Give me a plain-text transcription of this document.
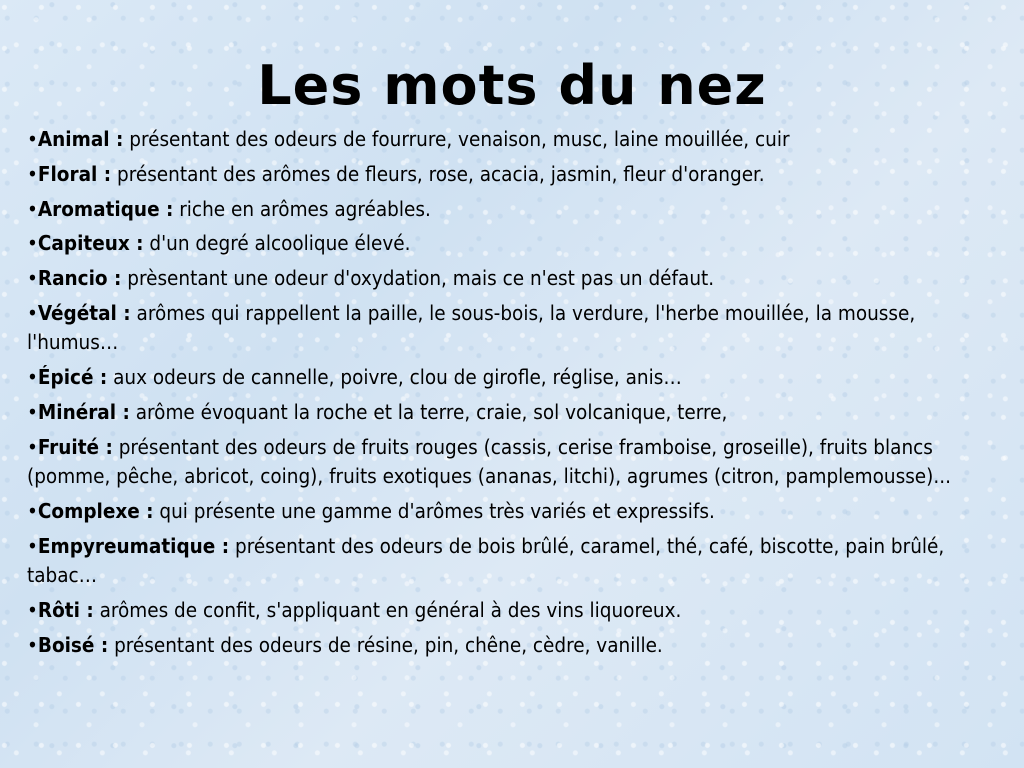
Les mots du nez
•Animal : présentant des odeurs de fourrure, venaison, musc, laine mouillée, cuir
•Floral : présentant des arômes de fleurs, rose, acacia, jasmin, fleur d'oranger.
•Aromatique : riche en arômes agréables.
•Capiteux : d'un degré alcoolique élevé.
•Rancio : prèsentant une odeur d'oxydation, mais ce n'est pas un défaut.
•Végétal : arômes qui rappellent la paille, le sous-bois, la verdure, l'herbe mouillée, la mousse, l'humus…
•Épicé : aux odeurs de cannelle, poivre, clou de girofle, réglise, anis…
•Minéral : arôme évoquant la roche et la terre, craie, sol volcanique, terre,
•Fruité : présentant des odeurs de fruits rouges (cassis, cerise framboise, groseille), fruits blancs (pomme, pêche, abricot, coing), fruits exotiques (ananas, litchi), agrumes (citron, pamplemousse)...
•Complexe : qui présente une gamme d'arômes très variés et expressifs.
•Empyreumatique : présentant des odeurs de bois brûlé, caramel, thé, café, biscotte, pain brûlé, tabac…
•Rôti : arômes de confit, s'appliquant en général à des vins liquoreux.
•Boisé : présentant des odeurs de résine, pin, chêne, cèdre, vanille.
